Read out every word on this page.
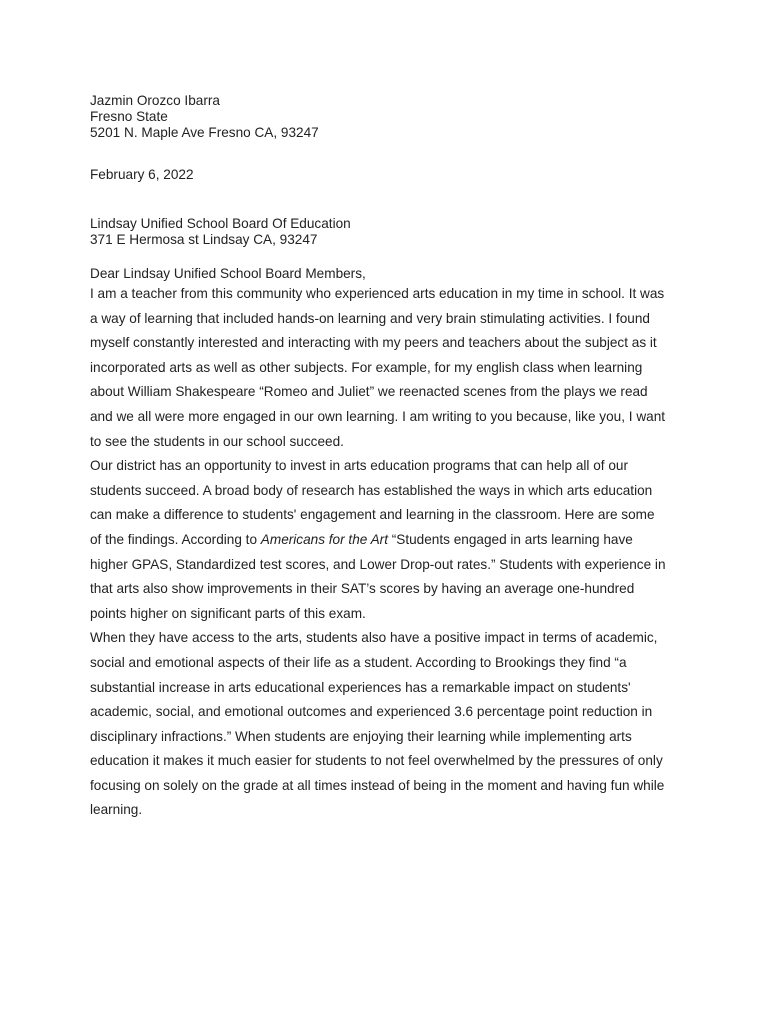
Jazmin Orozco Ibarra
Fresno State
5201 N. Maple Ave Fresno CA, 93247
February 6, 2022
Lindsay Unified School Board Of Education
371 E Hermosa st Lindsay CA, 93247
Dear Lindsay Unified School Board Members,
I am a teacher from this community who experienced arts education in my time in school. It was
a way of learning that included hands-on learning and very brain stimulating activities. I found
myself constantly interested and interacting with my peers and teachers about the subject as it
incorporated arts as well as other subjects. For example, for my english class when learning
about William Shakespeare “Romeo and Juliet” we reenacted scenes from the plays we read
and we all were more engaged in our own learning. I am writing to you because, like you, I want
to see the students in our school succeed.
Our district has an opportunity to invest in arts education programs that can help all of our
students succeed. A broad body of research has established the ways in which arts education
can make a difference to students' engagement and learning in the classroom. Here are some
of the findings. According to Americans for the Art “Students engaged in arts learning have
higher GPAS, Standardized test scores, and Lower Drop-out rates.” Students with experience in
that arts also show improvements in their SAT’s scores by having an average one-hundred
points higher on significant parts of this exam.
When they have access to the arts, students also have a positive impact in terms of academic,
social and emotional aspects of their life as a student. According to Brookings they find “a
substantial increase in arts educational experiences has a remarkable impact on students'
academic, social, and emotional outcomes and experienced 3.6 percentage point reduction in
disciplinary infractions.” When students are enjoying their learning while implementing arts
education it makes it much easier for students to not feel overwhelmed by the pressures of only
focusing on solely on the grade at all times instead of being in the moment and having fun while
learning.
